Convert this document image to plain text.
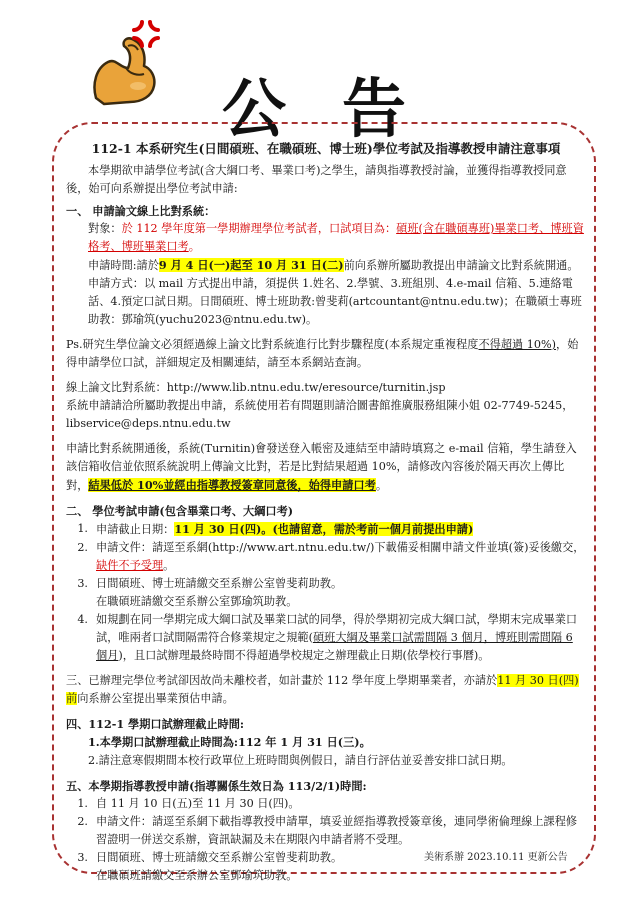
公 告

112-1 本系研究生(日間碩班、在職碩班、博士班)學位考試及指導教授申請注意事項

本學期欲申請學位考試(含大綱口考、畢業口考)之學生，請與指導教授討論，並獲得指導教授同意後，始可向系辦提出學位考試申請:

一、 申請論文線上比對系統：

對象：於 112 學年度第一學期辦理學位考試者，口試項目為：碩班(含在職碩專班)畢業口考、博班資格考、博班畢業口考。

申請時間:請於9 月 4 日(一)起至 10 月 31 日(二)前向系辦所屬助教提出申請論文比對系統開通。

申請方式：以 mail 方式提出申請，須提供 1.姓名、2.學號、3.班組別、4.e-mail 信箱、5.連絡電話、4.預定口試日期。日間碩班、博士班助教:曾斐莉(artcountant@ntnu.edu.tw)；在職碩士專班助教：鄧瑜筑(yuchu2023@ntnu.edu.tw)。

Ps.研究生學位論文必須經過線上論文比對系統進行比對步驟程度(本系規定重複程度不得超過 10%)，始得申請學位口試，詳細規定及相關連結，請至本系網站查詢。

線上論文比對系統：http://www.lib.ntnu.edu.tw/eresource/turnitin.jsp

系統申請請洽所屬助教提出申請，系統使用若有問題則請洽圖書館推廣服務組陳小姐 02-7749-5245，libservice@deps.ntnu.edu.tw

申請比對系統開通後，系統(Turnitin)會發送登入帳密及連結至申請時填寫之 e-mail 信箱，學生請登入該信箱收信並依照系統說明上傳論文比對，若是比對結果超過 10%，請修改內容後於隔天再次上傳比對，結果低於 10%並經由指導教授簽章同意後，始得申請口考。

二、 學位考試申請(包含畢業口考、大綱口考)

1. 申請截止日期：11 月 30 日(四)。(也請留意，需於考前一個月前提出申請)
2. 申請文件：請逕至系網(http://www.art.ntnu.edu.tw/)下載備妥相關申請文件並填(簽)妥後繳交，缺件不予受理。
3. 日間碩班、博士班請繳交至系辦公室曾斐莉助教。
在職碩班請繳交至系辦公室鄧瑜筑助教。
4. 如規劃在同一學期完成大綱口試及畢業口試的同學，得於學期初完成大綱口試，學期末完成畢業口試，唯兩者口試間隔需符合修業規定之規範(碩班大綱及畢業口試需間隔 3 個月，博班則需間隔 6 個月)，且口試辦理最終時間不得超過學校規定之辦理截止日期(依學校行事曆)。

三、已辦理完學位考試卻因故尚未離校者，如計畫於 112 學年度上學期畢業者，亦請於11 月 30 日(四)前向系辦公室提出畢業預估申請。

四、112-1 學期口試辦理截止時間:

1.本學期口試辦理截止時間為:112 年 1 月 31 日(三)。

2.請注意寒假期間本校行政單位上班時間與例假日，請自行評估並妥善安排口試日期。

五、本學期指導教授申請(指導關係生效日為 113/2/1)時間:

1. 自 11 月 10 日(五)至 11 月 30 日(四)。
2. 申請文件：請逕至系網下載指導教授申請單，填妥並經指導教授簽章後，連同學術倫理線上課程修習證明一併送交系辦，資訊缺漏及未在期限內申請者將不受理。
3. 日間碩班、博士班請繳交至系辦公室曾斐莉助教。
在職碩班請繳交至系辦公室鄧瑜筑助教。
美術系辦 2023.10.11 更新公告
